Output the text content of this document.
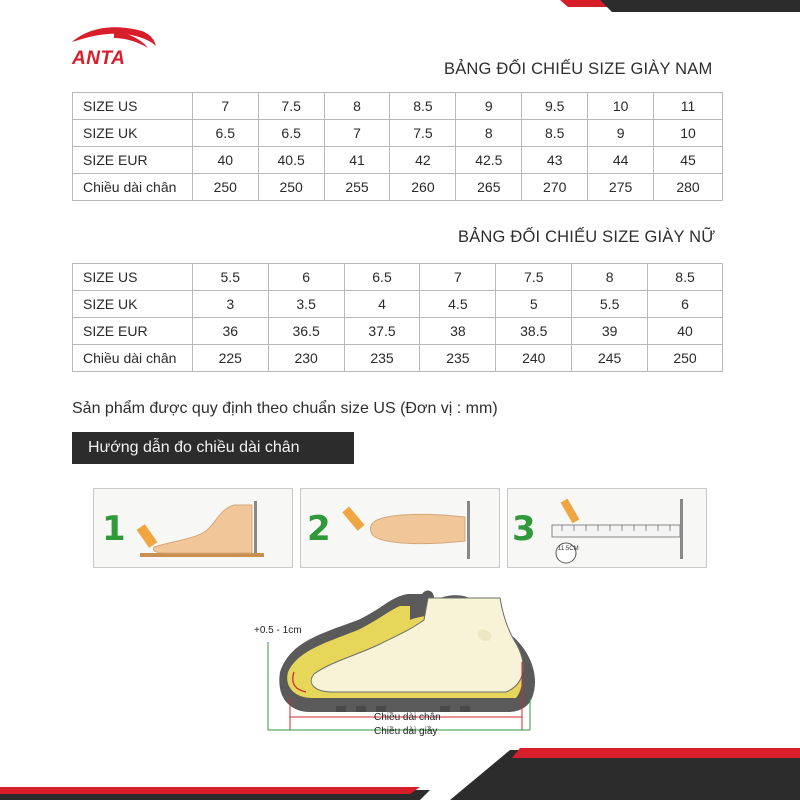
ANTA	BẢNG ĐỐI CHIẾU SIZE GIÀY NAM
SIZE US	7	7.5	8	8.5	9	9.5	10	11
SIZE UK	6.5	6.5	7	7.5	8	8.5	9	10
SIZE EUR	40	40.5	41	42	42.5	43	44	45
Chiều dài chân	250	250	255	260	265	270	275	280
BẢNG ĐỐI CHIẾU SIZE GIÀY NỮ
SIZE US	5.5	6	6.5	7	7.5	8	8.5
SIZE UK	3	3.5	4	4.5	5	5.5	6
SIZE EUR	36	36.5	37.5	38	38.5	39	40
Chiều dài chân	225	230	235	235	240	245	250
Sản phẩm được quy định theo chuẩn size US (Đơn vị : mm)
Hướng dẫn đo chiều dài chân
1	2	3	11.5CM
+0.5 - 1cm
Chiều dài chân
Chiều dài giầy
